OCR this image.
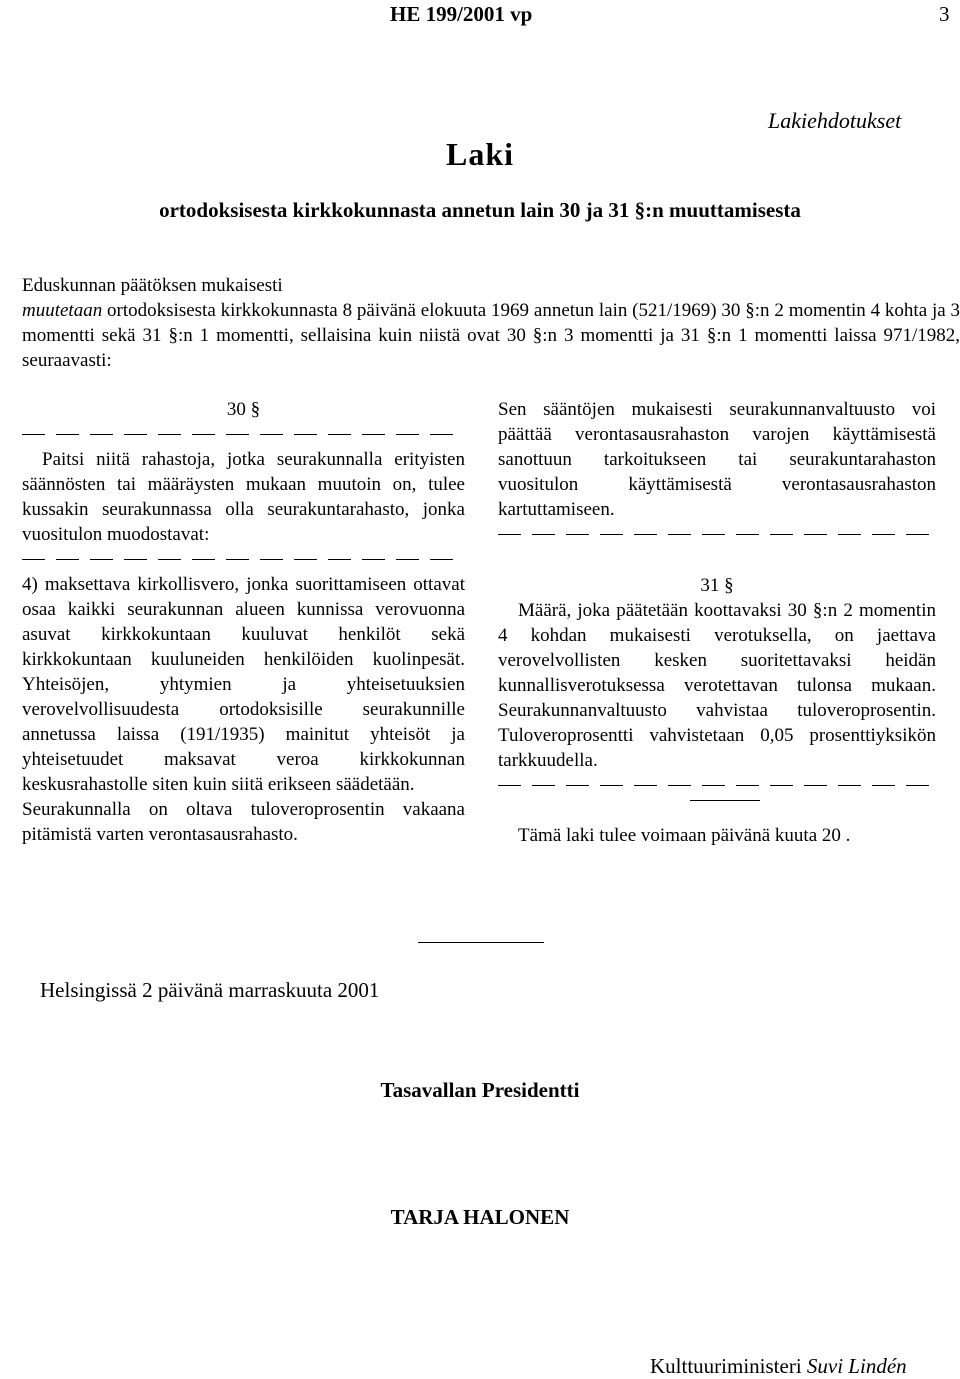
HE 199/2001 vp	3
Lakiehdotukset
Laki
ortodoksisesta kirkkokunnasta annetun lain 30 ja 31 §:n muuttamisesta

Eduskunnan päätöksen mukaisesti

muutetaan ortodoksisesta kirkkokunnasta 8 päivänä elokuuta 1969 annetun lain (521/1969) 30 §:n 2 momentin 4 kohta ja 3 momentti sekä 31 §:n 1 momentti, sellaisina kuin niistä ovat 30 §:n 3 momentti ja 31 §:n 1 momentti laissa 971/1982, seuraavasti:

30 §

Paitsi niitä rahastoja, jotka seurakunnalla erityisten säännösten tai määräysten mukaan muutoin on, tulee kussakin seurakunnassa olla seurakuntarahasto, jonka vuositulon muodostavat:

4) maksettava kirkollisvero, jonka suorittamiseen ottavat osaa kaikki seurakunnan alueen kunnissa verovuonna asuvat kirkkokuntaan kuuluvat henkilöt sekä kirkkokuntaan kuuluneiden henkilöiden kuolinpesät. Yhteisöjen, yhtymien ja yhteisetuuksien verovelvollisuudesta ortodoksisille seurakunnille annetussa laissa (191/1935) mainitut yhteisöt ja yhteisetuudet maksavat veroa kirkkokunnan keskusrahastolle siten kuin siitä erikseen säädetään.

Seurakunnalla on oltava tuloveroprosentin vakaana pitämistä varten verontasausrahasto.

Sen sääntöjen mukaisesti seurakunnanvaltuusto voi päättää verontasausrahaston varojen käyttämisestä sanottuun tarkoitukseen tai seurakuntarahaston vuositulon käyttämisestä verontasausrahaston kartuttamiseen.

31 §

Määrä, joka päätetään koottavaksi 30 §:n 2 momentin 4 kohdan mukaisesti verotuksella, on jaettava verovelvollisten kesken suoritettavaksi heidän kunnallisverotuksessa verotettavan tulonsa mukaan. Seurakunnanvaltuusto vahvistaa tuloveroprosentin. Tuloveroprosentti vahvistetaan 0,05 prosenttiyksikön tarkkuudella.

Tämä laki tulee voimaan päivänä kuuta 20 .

Helsingissä 2 päivänä marraskuuta 2001
Tasavallan Presidentti
TARJA HALONEN
Kulttuuriministeri Suvi Lindén
